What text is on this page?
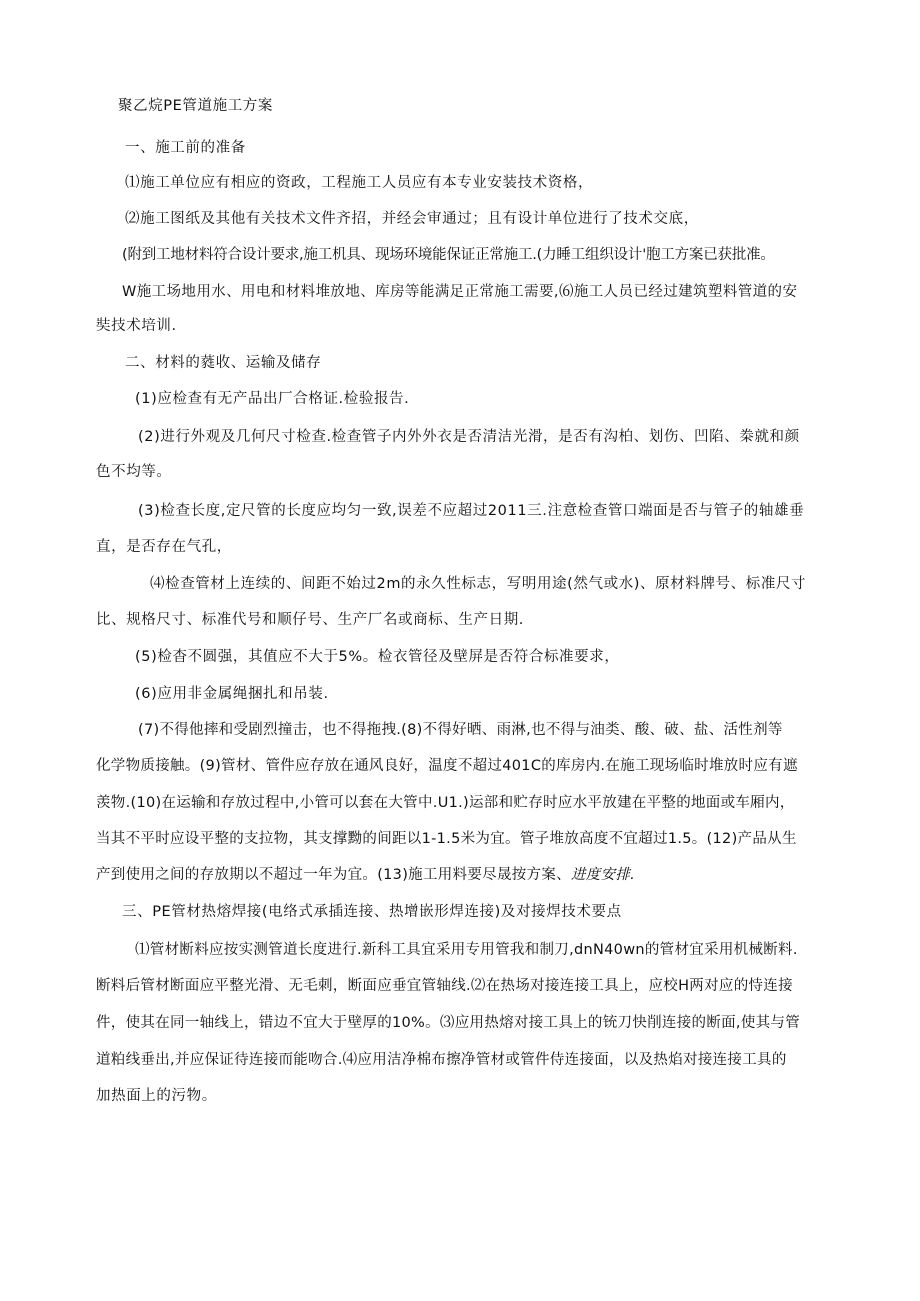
聚乙烷PE管道施工方案
一、施工前的准备
⑴施工单位应有相应的资政，工程施工人员应有本专业安装技术资格，
⑵施工图纸及其他有关技术文件齐招，并经会审通过；且有设计单位进行了技术交底，
(附到工地材料符合设计要求,施工机具、现场环境能保证正常施工.(力睡工组织设计'胞工方案已获批准。
W施工场地用水、用电和材料堆放地、库房等能满足正常施工需要,⑹施工人员已经过建筑塑料管道的安
奘技术培训.
二、材料的蕤收、运输及储存
(1)应检查有无产品出厂合格证.检验报告.
(2)进行外观及几何尺寸检查.检查管子内外外衣是否清洁光滑，是否有沟柏、划伤、凹陷、桊就和颜
色不均等。
(3)检查长度,定尺管的长度应均匀一致,误差不应超过2011三.注意检查管口端面是否与管子的轴雄垂
直，是否存在气孔，
⑷检查管材上连续的、间距不始过2m的永久性标志，写明用途(然气或水)、原材料牌号、标准尺寸
比、规格尺寸、标准代号和顺仔号、生产厂名或商标、生产日期.
(5)检杳不圆强，其值应不大于5%。检衣管径及壁屏是否符合标准要求，
(6)应用非金属绳捆扎和吊装.
(7)不得他摔和受剧烈撞击，也不得拖拽.(8)不得好晒、雨淋,也不得与油类、酸、破、盐、活性剂等
化学物质接触。(9)管材、管件应存放在通风良好，温度不超过401C的库房内.在施工现场临时堆放时应有遮
羡物.(10)在运输和存放过程中,小管可以套在大管中.U1.)运部和贮存时应水平放建在平整的地面或车厢内，
当其不平时应设平整的支拉物，其支撑黝的间距以1-1.5米为宜。管子堆放高度不宜超过1.5。(12)产品从生
产到使用之间的存放期以不超过一年为宜。(13)施工用料要尽晟按方案、进度安排.
三、PE管材热熔焊接(电络式承插连接、热增嵌形焊连接)及对接焊技术要点
⑴管材断料应按实测管道长度进行.新科工具宜采用专用管我和制刀,dnN40wn的管材宜采用机械断料.
断料后管材断面应平整光滑、无毛刺，断面应垂宜管轴线.⑵在热场对接连接工具上，应校H两对应的恃连接
件，使其在同一轴线上，错边不宜大于壁厚的10%。⑶应用热熔对接工具上的铳刀快削连接的断面,使其与管
道粕线垂出,并应保证待连接而能吻合.⑷应用洁净棉布擦净管材或管件侍连接面，以及热焰对接连接工具的
加热面上的污物。
